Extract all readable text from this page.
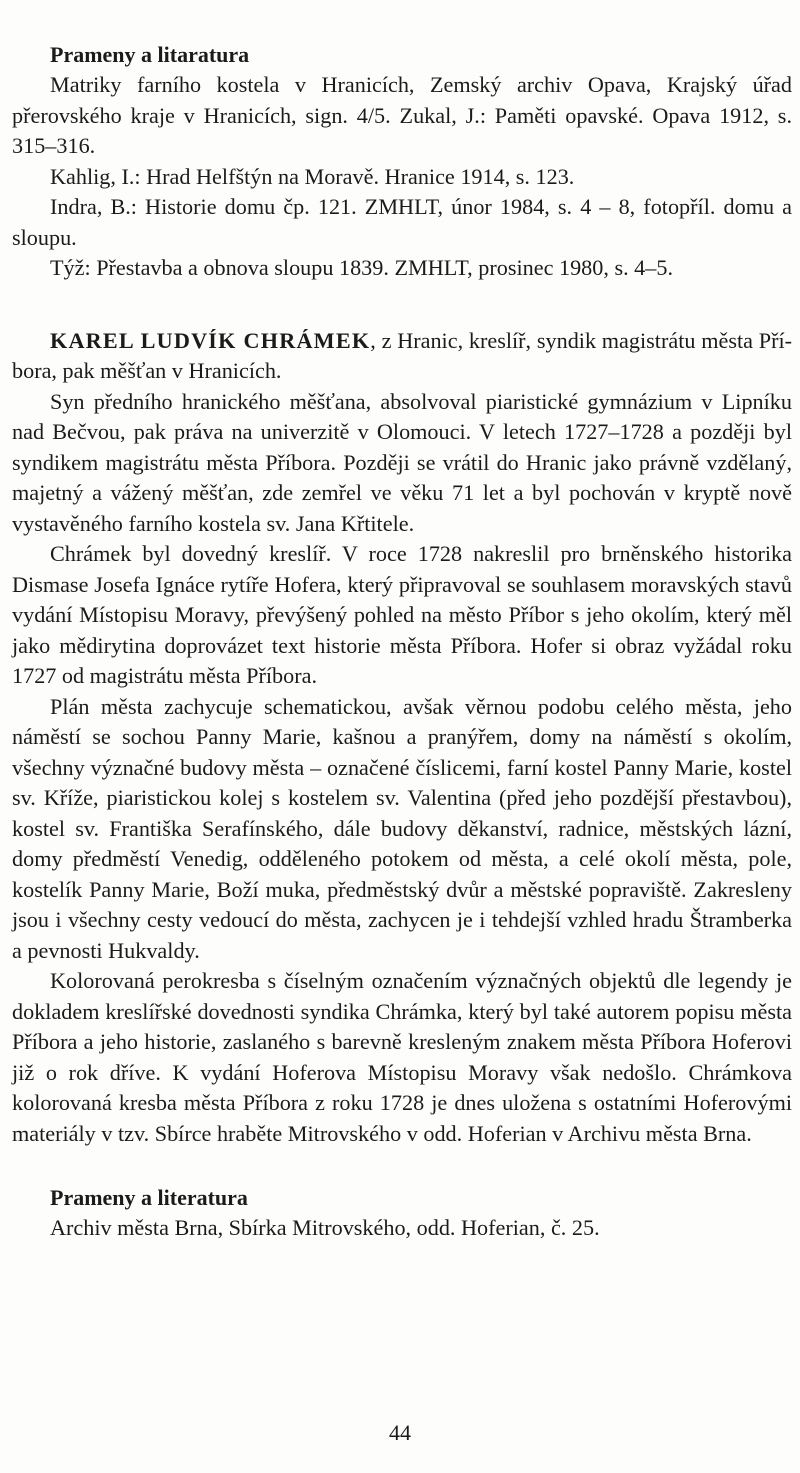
Prameny a litaratura

Matriky farního kostela v Hranicích, Zemský archiv Opava, Krajský úřad přerovského kraje v Hranicích, sign. 4/5. Zukal, J.: Paměti opavské. Opava 1912, s. 315–316.

Kahlig, I.: Hrad Helfštýn na Moravě. Hranice 1914, s. 123.

Indra, B.: Historie domu čp. 121. ZMHLT, únor 1984, s. 4 – 8, fotopříl. domu a sloupu.

Týž: Přestavba a obnova sloupu 1839. ZMHLT, prosinec 1980, s. 4–5.

KAREL LUDVÍK CHRÁMEK, z Hranic, kreslíř, syndik magistrátu města Pří-bora, pak měšťan v Hranicích.

Syn předního hranického měšťana, absolvoval piaristické gymnázium v Lipníku nad Bečvou, pak práva na univerzitě v Olomouci. V letech 1727–1728 a později byl syndikem magistrátu města Příbora. Později se vrátil do Hranic jako právně vzdělaný, majetný a vážený měšťan, zde zemřel ve věku 71 let a byl pochován v kryptě nově vystavěného farního kostela sv. Jana Křtitele.

Chrámek byl dovedný kreslíř. V roce 1728 nakreslil pro brněnského historika Dismase Josefa Ignáce rytíře Hofera, který připravoval se souhlasem moravských stavů vydání Místopisu Moravy, převýšený pohled na město Příbor s jeho okolím, který měl jako mědirytina doprovázet text historie města Příbora. Hofer si obraz vyžádal roku 1727 od magistrátu města Příbora.

Plán města zachycuje schematickou, avšak věrnou podobu celého města, jeho náměstí se sochou Panny Marie, kašnou a pranýřem, domy na náměstí s okolím, všechny význačné budovy města – označené číslicemi, farní kostel Panny Marie, kostel sv. Kříže, piaristickou kolej s kostelem sv. Valentina (před jeho pozdější přestavbou), kostel sv. Františka Serafínského, dále budovy děkanství, radnice, městských lázní, domy předměstí Venedig, odděleného potokem od města, a celé okolí města, pole, kostelík Panny Marie, Boží muka, předměstský dvůr a městské popraviště. Zakresleny jsou i všechny cesty vedoucí do města, zachycen je i tehdejší vzhled hradu Štramberka a pevnosti Hukvaldy.

Kolorovaná perokresba s číselným označením význačných objektů dle legendy je dokladem kreslířské dovednosti syndika Chrámka, který byl také autorem popisu města Příbora a jeho historie, zaslaného s barevně kresleným znakem města Příbora Hoferovi již o rok dříve. K vydání Hoferova Místopisu Moravy však nedošlo. Chrámkova kolorovaná kresba města Příbora z roku 1728 je dnes uložena s ostatními Hoferovými materiály v tzv. Sbírce hraběte Mitrovského v odd. Hoferian v Archivu města Brna.

Prameny a literatura

Archiv města Brna, Sbírka Mitrovského, odd. Hoferian, č. 25.

44
